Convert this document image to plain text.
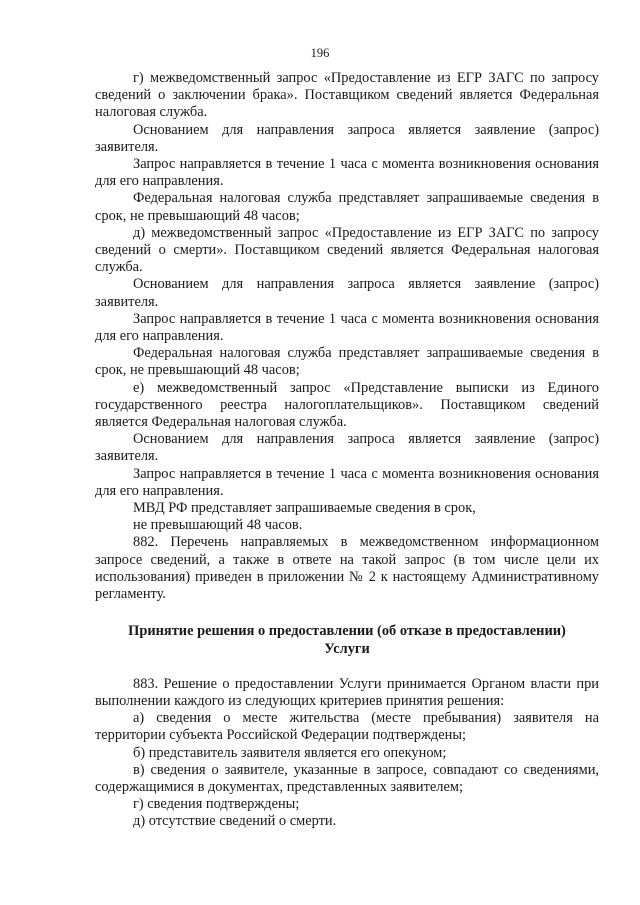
196

г) межведомственный запрос «Предоставление из ЕГР ЗАГС по запросу сведений о заключении брака». Поставщиком сведений является Федеральная налоговая служба.

Основанием для направления запроса является заявление (запрос) заявителя.

Запрос направляется в течение 1 часа с момента возникновения основания для его направления.

Федеральная налоговая служба представляет запрашиваемые сведения в срок, не превышающий 48 часов;

д) межведомственный запрос «Предоставление из ЕГР ЗАГС по запросу сведений о смерти». Поставщиком сведений является Федеральная налоговая служба.

Основанием для направления запроса является заявление (запрос) заявителя.

Запрос направляется в течение 1 часа с момента возникновения основания для его направления.

Федеральная налоговая служба представляет запрашиваемые сведения в срок, не превышающий 48 часов;

е) межведомственный запрос «Представление выписки из Единого государственного реестра налогоплательщиков». Поставщиком сведений является Федеральная налоговая служба.

Основанием для направления запроса является заявление (запрос) заявителя.

Запрос направляется в течение 1 часа с момента возникновения основания для его направления.

МВД РФ представляет запрашиваемые сведения в срок,

не превышающий 48 часов.

882. Перечень направляемых в межведомственном информационном запросе сведений, а также в ответе на такой запрос (в том числе цели их использования) приведен в приложении № 2 к настоящему Административному регламенту.

Принятие решения о предоставлении (об отказе в предоставлении)
Услуги

883. Решение о предоставлении Услуги принимается Органом власти при выполнении каждого из следующих критериев принятия решения:

а) сведения о месте жительства (месте пребывания) заявителя на территории субъекта Российской Федерации подтверждены;

б) представитель заявителя является его опекуном;

в) сведения о заявителе, указанные в запросе, совпадают со сведениями, содержащимися в документах, представленных заявителем;

г) сведения подтверждены;

д) отсутствие сведений о смерти.
